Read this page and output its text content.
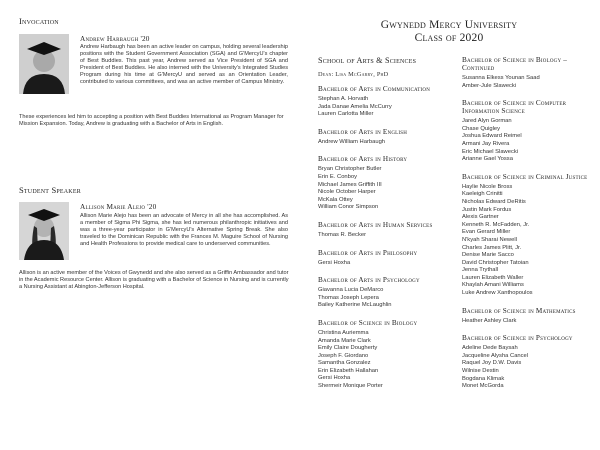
Invocation
Andrew Harbaugh '20

Andrew Harbaugh has been an active leader on campus, holding several leadership positions with the Student Government Association (SGA) and G'MercyU's chapter of Best Buddies. This past year, Andrew served as Vice President of SGA and President of Best Buddies. He also interned with the University's Integrated Studies Program during his time at G'MercyU and served as an Orientation Leader, contributed to various committees, and was an active member of Campus Ministry.

These experiences led him to accepting a position with Best Buddies International as Program Manager for Mission Expansion. Today, Andrew is graduating with a Bachelor of Arts in English.

Student Speaker
Allison Marie Alejo '20

Allison Marie Alejo has been an advocate of Mercy in all she has accomplished. As a member of Sigma Phi Sigma, she has led numerous philanthropic initiatives and was a three-year participator in G'MercyU's Alternative Spring Break. She also traveled to the Dominican Republic with the Frances M. Maguire School of Nursing and Health Professions to provide medical care to underserved communities.

Allison is an active member of the Voices of Gwynedd and she also served as a Griffin Ambassador and tutor in the Academic Resource Center. Allison is graduating with a Bachelor of Science in Nursing and is currently a Nursing Assistant at Abington-Jefferson Hospital.

Gwynedd Mercy University
Class of 2020
School of Arts & Sciences
Dean: Lisa McGarry, PhD
Bachelor of Arts in Communication
Stephan A. Horvath
Jada Danae Amelia McCurry
Lauren Carlotta Miller
Bachelor of Arts in English
Andrew William Harbaugh
Bachelor of Arts in History
Bryan Christopher Butler
Erin E. Conboy
Michael James Griffith III
Nicole October Harper
McKala Ottey
William Conor Simpson
Bachelor of Arts in Human Services
Thomas R. Becker
Bachelor of Arts in Philosophy
Gersi Hoxha
Bachelor of Arts in Psychology
Giavanna Lucia DeMarco
Thomas Joseph Lepera
Bailey Katherine McLaughlin
Bachelor of Science in Biology
Christina Auriemma
Amanda Marie Clark
Emily Claire Dougherty
Joseph F. Giordano
Samantha Gonzalez
Erin Elizabeth Hallahan
Gersi Hoxha
Shermeir Monique Porter
Bachelor of Science in Biology – Continued
Susanna Elkess Younan Saad
Amber-Jule Slawecki
Bachelor of Science in Computer Information Science
Jared Alyn Gorman
Chase Quigley
Joshua Edward Reimel
Armani Jay Rivera
Eric Michael Slawecki
Arianne Gael Yossa
Bachelor of Science in Criminal Justice
Haylie Nicole Bross
Kaeleigh Crinitti
Nicholas Edward DeRitis
Justin Mark Fordus
Alexis Gartner
Kenneth R. McFadden, Jr.
Evan Gerard Miller
N'kyah Sharai Newell
Charles James Plitt, Jr.
Denise Marie Sacco
David Christopher Tatoian
Jenna Trythall
Lauren Elizabeth Waller
Khaylah Amani Williams
Luke Andrew Xanthopoulos
Bachelor of Science in Mathematics
Heather Ashley Clark
Bachelor of Science in Psychology
Adeline Dede Baysah
Jacqueline Alysha Cancel
Raquel Joy D.W. Davis
Wilnise Destin
Bogdana Klimak
Monet McGorda
